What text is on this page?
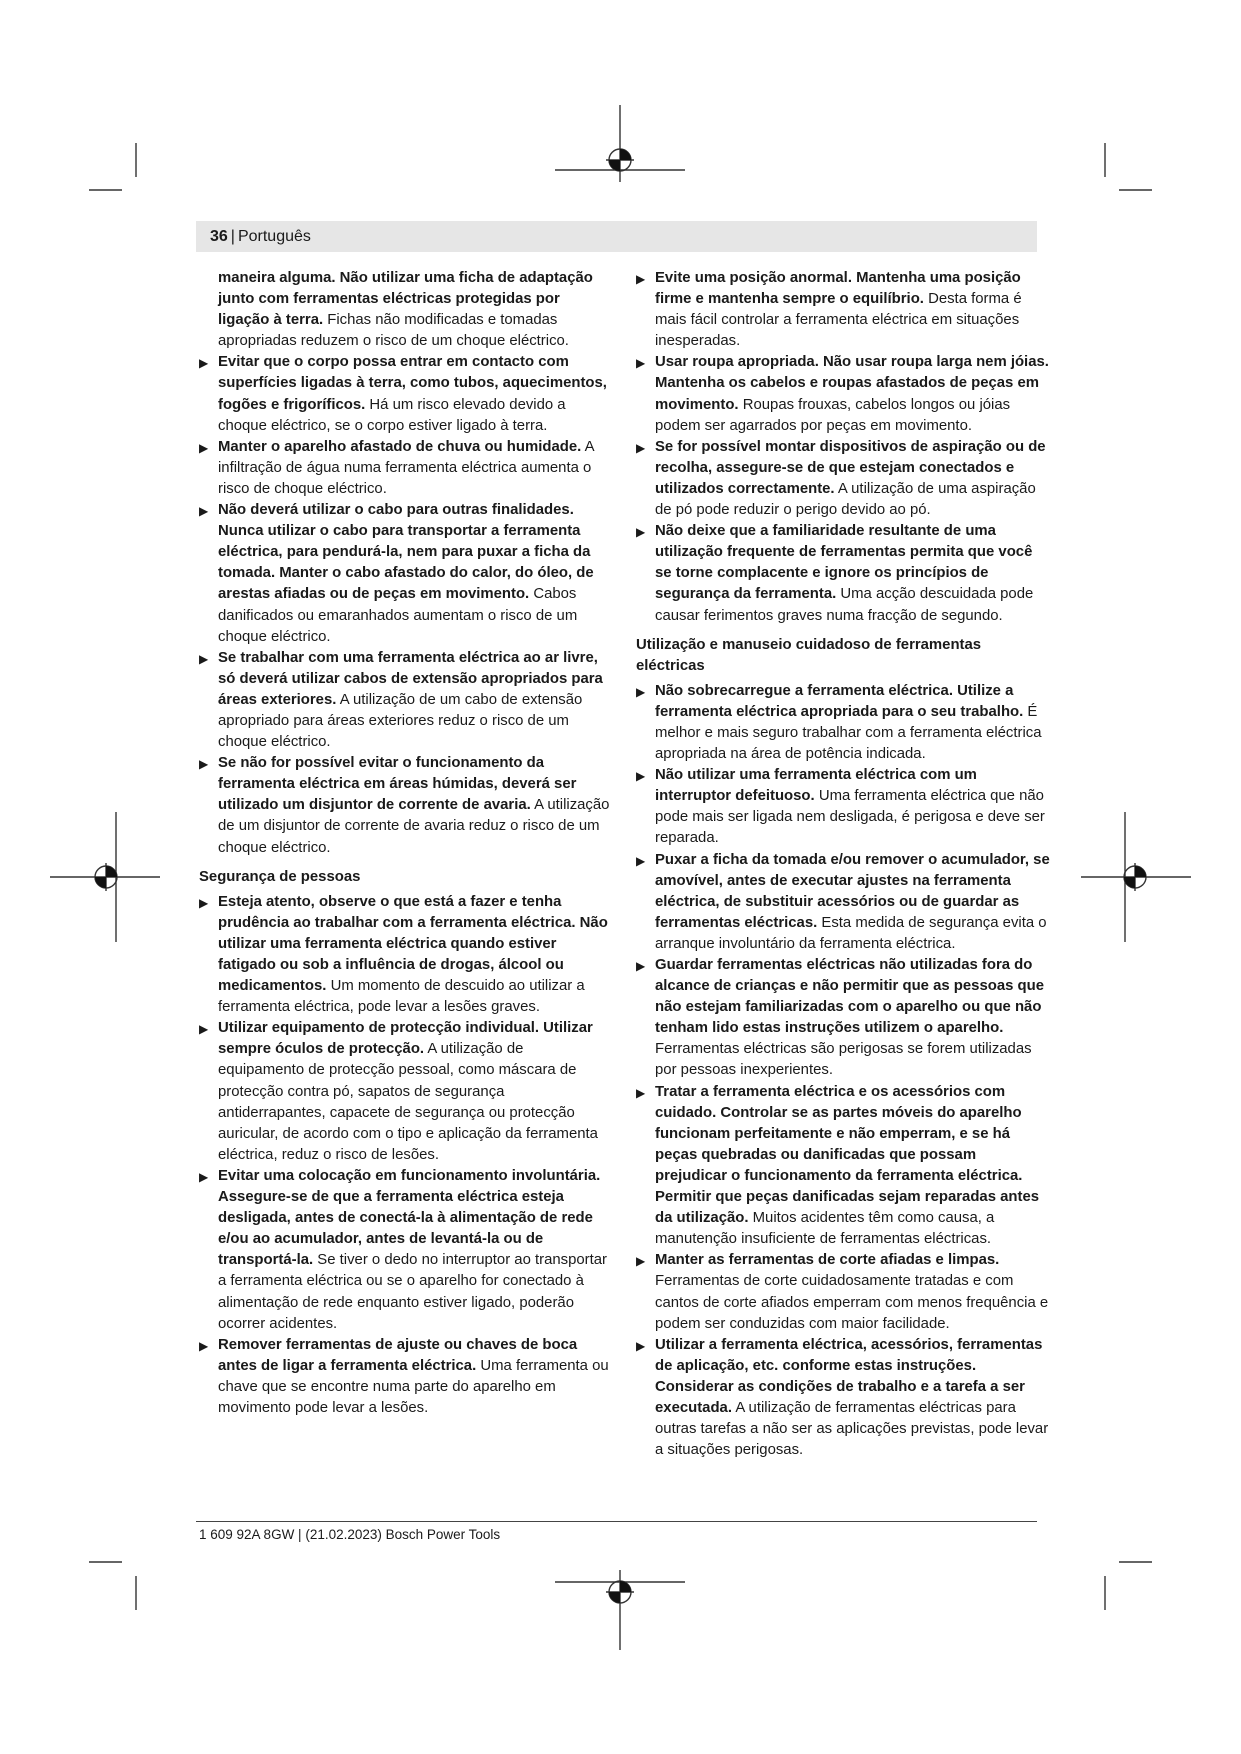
36 | Português

maneira alguma. Não utilizar uma ficha de adaptação junto com ferramentas eléctricas protegidas por ligação à terra. Fichas não modificadas e tomadas apropriadas reduzem o risco de um choque eléctrico.

▶ Evitar que o corpo possa entrar em contacto com superfícies ligadas à terra, como tubos, aquecimentos, fogões e frigoríficos. Há um risco elevado devido a choque eléctrico, se o corpo estiver ligado à terra.

▶ Manter o aparelho afastado de chuva ou humidade. A infiltração de água numa ferramenta eléctrica aumenta o risco de choque eléctrico.

▶ Não deverá utilizar o cabo para outras finalidades. Nunca utilizar o cabo para transportar a ferramenta eléctrica, para pendurá-la, nem para puxar a ficha da tomada. Manter o cabo afastado do calor, do óleo, de arestas afiadas ou de peças em movimento. Cabos danificados ou emaranhados aumentam o risco de um choque eléctrico.

▶ Se trabalhar com uma ferramenta eléctrica ao ar livre, só deverá utilizar cabos de extensão apropriados para áreas exteriores. A utilização de um cabo de extensão apropriado para áreas exteriores reduz o risco de um choque eléctrico.

▶ Se não for possível evitar o funcionamento da ferramenta eléctrica em áreas húmidas, deverá ser utilizado um disjuntor de corrente de avaria. A utilização de um disjuntor de corrente de avaria reduz o risco de um choque eléctrico.

Segurança de pessoas

▶ Esteja atento, observe o que está a fazer e tenha prudência ao trabalhar com a ferramenta eléctrica. Não utilizar uma ferramenta eléctrica quando estiver fatigado ou sob a influência de drogas, álcool ou medicamentos. Um momento de descuido ao utilizar a ferramenta eléctrica, pode levar a lesões graves.

▶ Utilizar equipamento de protecção individual. Utilizar sempre óculos de protecção. A utilização de equipamento de protecção pessoal, como máscara de protecção contra pó, sapatos de segurança antiderrapantes, capacete de segurança ou protecção auricular, de acordo com o tipo e aplicação da ferramenta eléctrica, reduz o risco de lesões.

▶ Evitar uma colocação em funcionamento involuntária. Assegure-se de que a ferramenta eléctrica esteja desligada, antes de conectá-la à alimentação de rede e/ou ao acumulador, antes de levantá-la ou de transportá-la. Se tiver o dedo no interruptor ao transportar a ferramenta eléctrica ou se o aparelho for conectado à alimentação de rede enquanto estiver ligado, poderão ocorrer acidentes.

▶ Remover ferramentas de ajuste ou chaves de boca antes de ligar a ferramenta eléctrica. Uma ferramenta ou chave que se encontre numa parte do aparelho em movimento pode levar a lesões.

▶ Evite uma posição anormal. Mantenha uma posição firme e mantenha sempre o equilíbrio. Desta forma é mais fácil controlar a ferramenta eléctrica em situações inesperadas.

▶ Usar roupa apropriada. Não usar roupa larga nem jóias. Mantenha os cabelos e roupas afastados de peças em movimento. Roupas frouxas, cabelos longos ou jóias podem ser agarrados por peças em movimento.

▶ Se for possível montar dispositivos de aspiração ou de recolha, assegure-se de que estejam conectados e utilizados correctamente. A utilização de uma aspiração de pó pode reduzir o perigo devido ao pó.

▶ Não deixe que a familiaridade resultante de uma utilização frequente de ferramentas permita que você se torne complacente e ignore os princípios de segurança da ferramenta. Uma acção descuidada pode causar ferimentos graves numa fracção de segundo.

Utilização e manuseio cuidadoso de ferramentas eléctricas

▶ Não sobrecarregue a ferramenta eléctrica. Utilize a ferramenta eléctrica apropriada para o seu trabalho. É melhor e mais seguro trabalhar com a ferramenta eléctrica apropriada na área de potência indicada.

▶ Não utilizar uma ferramenta eléctrica com um interruptor defeituoso. Uma ferramenta eléctrica que não pode mais ser ligada nem desligada, é perigosa e deve ser reparada.

▶ Puxar a ficha da tomada e/ou remover o acumulador, se amovível, antes de executar ajustes na ferramenta eléctrica, de substituir acessórios ou de guardar as ferramentas eléctricas. Esta medida de segurança evita o arranque involuntário da ferramenta eléctrica.

▶ Guardar ferramentas eléctricas não utilizadas fora do alcance de crianças e não permitir que as pessoas que não estejam familiarizadas com o aparelho ou que não tenham lido estas instruções utilizem o aparelho. Ferramentas eléctricas são perigosas se forem utilizadas por pessoas inexperientes.

▶ Tratar a ferramenta eléctrica e os acessórios com cuidado. Controlar se as partes móveis do aparelho funcionam perfeitamente e não emperram, e se há peças quebradas ou danificadas que possam prejudicar o funcionamento da ferramenta eléctrica. Permitir que peças danificadas sejam reparadas antes da utilização. Muitos acidentes têm como causa, a manutenção insuficiente de ferramentas eléctricas.

▶ Manter as ferramentas de corte afiadas e limpas. Ferramentas de corte cuidadosamente tratadas e com cantos de corte afiados emperram com menos frequência e podem ser conduzidas com maior facilidade.

▶ Utilizar a ferramenta eléctrica, acessórios, ferramentas de aplicação, etc. conforme estas instruções. Considerar as condições de trabalho e a tarefa a ser executada. A utilização de ferramentas eléctricas para outras tarefas a não ser as aplicações previstas, pode levar a situações perigosas.

1 609 92A 8GW | (21.02.2023) Bosch Power Tools
